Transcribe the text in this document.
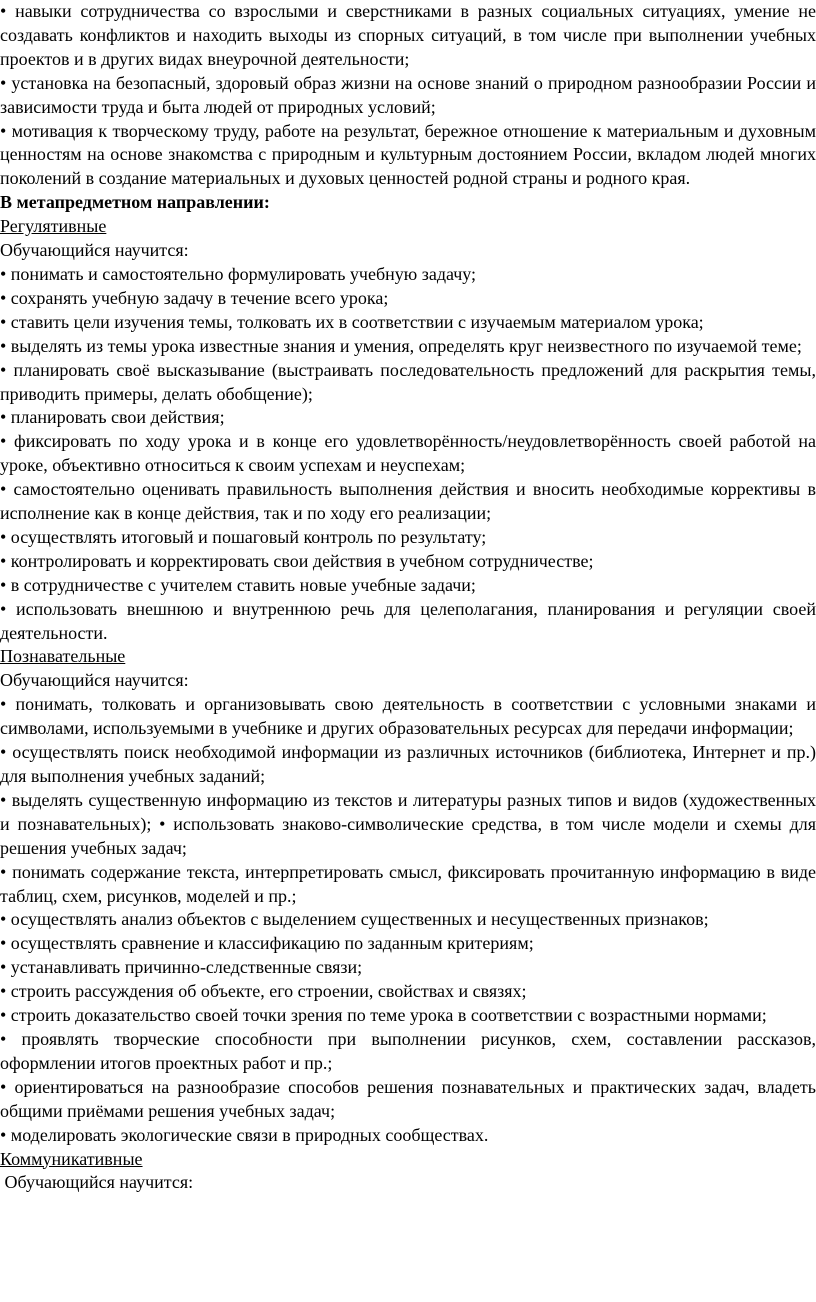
• навыки сотрудничества со взрослыми и сверстниками в разных социальных ситуациях, умение не создавать конфликтов и находить выходы из спорных ситуаций, в том числе при выполнении учебных проектов и в других видах внеурочной деятельности;

• установка на безопасный, здоровый образ жизни на основе знаний о природном разнообразии России и зависимости труда и быта людей от природных условий;

• мотивация к творческому труду, работе на результат, бережное отношение к материальным и духовным ценностям на основе знакомства с природным и культурным достоянием России, вкладом людей многих поколений в создание материальных и духовых ценностей родной страны и родного края.

В метапредметном направлении:

Регулятивные

Обучающийся научится:

• понимать и самостоятельно формулировать учебную задачу;

• сохранять учебную задачу в течение всего урока;

• ставить цели изучения темы, толковать их в соответствии с изучаемым материалом урока;

• выделять из темы урока известные знания и умения, определять круг неизвестного по изучаемой теме;

• планировать своё высказывание (выстраивать последовательность предложений для раскрытия темы, приводить примеры, делать обобщение);

• планировать свои действия;

• фиксировать по ходу урока и в конце его удовлетворённость/неудовлетворённость своей работой на уроке, объективно относиться к своим успехам и неуспехам;

• самостоятельно оценивать правильность выполнения действия и вносить необходимые коррективы в исполнение как в конце действия, так и по ходу его реализации;

• осуществлять итоговый и пошаговый контроль по результату;

• контролировать и корректировать свои действия в учебном сотрудничестве;

• в сотрудничестве с учителем ставить новые учебные задачи;

• использовать внешнюю и внутреннюю речь для целеполагания, планирования и регуляции своей деятельности.

Познавательные

Обучающийся научится:

• понимать, толковать и организовывать свою деятельность в соответствии с условными знаками и символами, используемыми в учебнике и других образовательных ресурсах для передачи информации;

• осуществлять поиск необходимой информации из различных источников (библиотека, Интернет и пр.) для выполнения учебных заданий;

• выделять существенную информацию из текстов и литературы разных типов и видов (художественных и познавательных); • использовать знаково-символические средства, в том числе модели и схемы для решения учебных задач;

• понимать содержание текста, интерпретировать смысл, фиксировать прочитанную информацию в виде таблиц, схем, рисунков, моделей и пр.;

• осуществлять анализ объектов с выделением существенных и несущественных признаков;

• осуществлять сравнение и классификацию по заданным критериям;

• устанавливать причинно-следственные связи;

• строить рассуждения об объекте, его строении, свойствах и связях;

• строить доказательство своей точки зрения по теме урока в соответствии с возрастными нормами;

• проявлять творческие способности при выполнении рисунков, схем, составлении рассказов, оформлении итогов проектных работ и пр.;

• ориентироваться на разнообразие способов решения познавательных и практических задач, владеть общими приёмами решения учебных задач;

• моделировать экологические связи в природных сообществах.

Коммуникативные

Обучающийся научится:
